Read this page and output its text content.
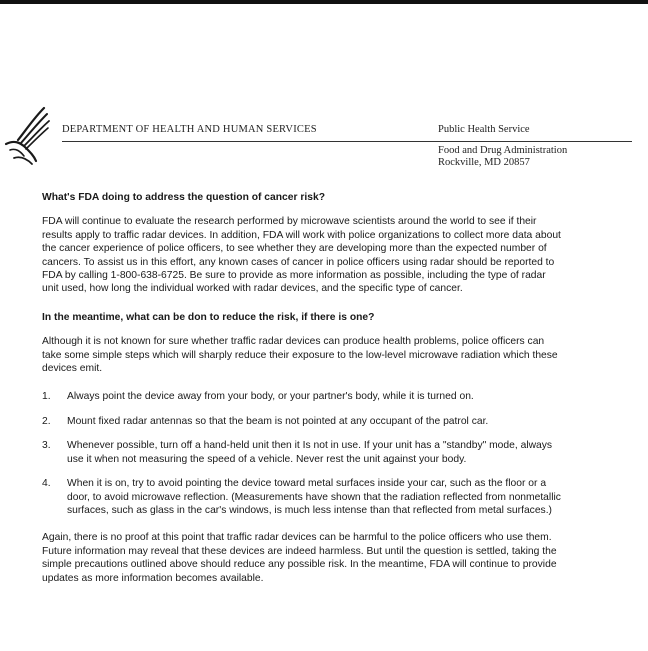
DEPARTMENT OF HEALTH AND HUMAN SERVICES	Public Health Service
Food and Drug Administration
Rockville, MD 20857
What's FDA doing to address the question of cancer risk?
FDA will continue to evaluate the research performed by microwave scientists around the world to see if their results apply to traffic radar devices. In addition, FDA will work with police organizations to collect more data about the cancer experience of police officers, to see whether they are developing more than the expected number of cancers. To assist us in this effort, any known cases of cancer in police officers using radar should be reported to FDA by calling 1-800-638-6725. Be sure to provide as more information as possible, including the type of radar unit used, how long the individual worked with radar devices, and the specific type of cancer.
In the meantime, what can be don to reduce the risk, if there is one?
Although it is not known for sure whether traffic radar devices can produce health problems, police officers can take some simple steps which will sharply reduce their exposure to the low-level microwave radiation which these devices emit.
1. Always point the device away from your body, or your partner's body, while it is turned on.
2. Mount fixed radar antennas so that the beam is not pointed at any occupant of the patrol car.
3. Whenever possible, turn off a hand-held unit then it Is not in use. If your unit has a "standby" mode, always use it when not measuring the speed of a vehicle. Never rest the unit against your body.
4. When it is on, try to avoid pointing the device toward metal surfaces inside your car, such as the floor or a door, to avoid microwave reflection. (Measurements have shown that the radiation reflected from nonmetallic surfaces, such as glass in the car's windows, is much less intense than that reflected from metal surfaces.)
Again, there is no proof at this point that traffic radar devices can be harmful to the police officers who use them. Future information may reveal that these devices are indeed harmless. But until the question is settled, taking the simple precautions outlined above should reduce any possible risk. In the meantime, FDA will continue to provide updates as more information becomes available.
